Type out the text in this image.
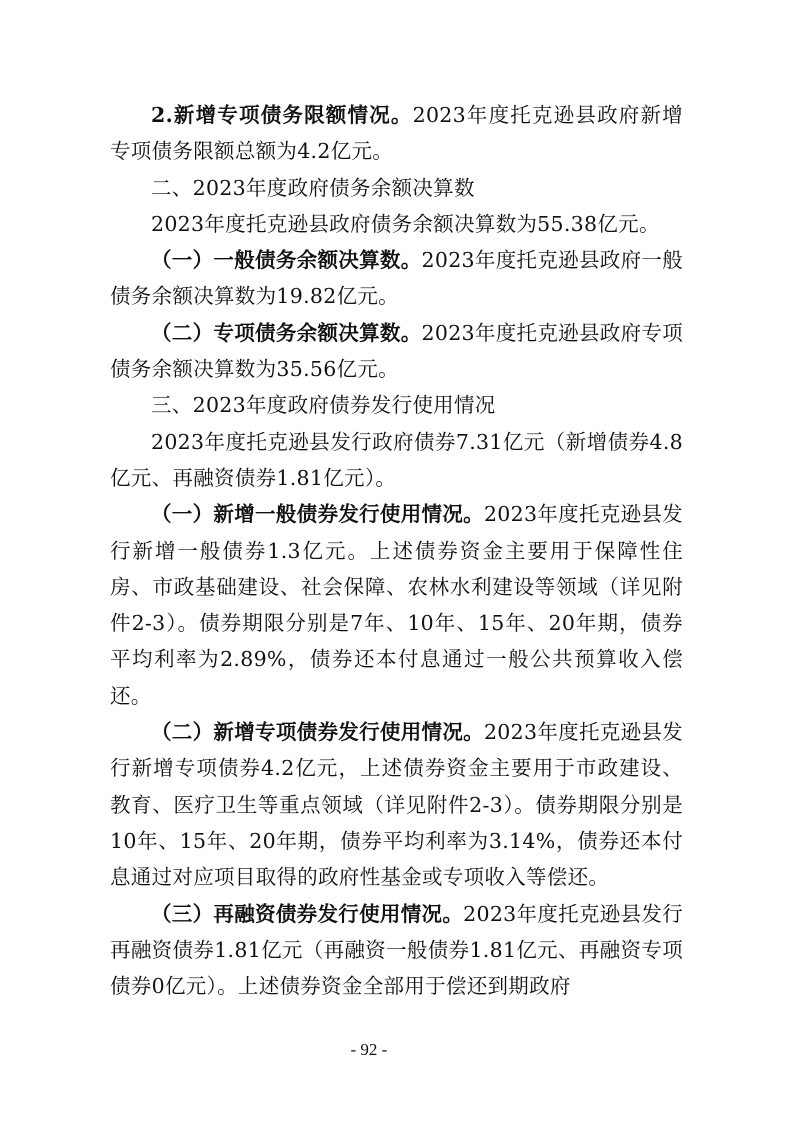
2.新增专项债务限额情况。2023年度托克逊县政府新增专项债务限额总额为4.2亿元。

二、2023年度政府债务余额决算数

2023年度托克逊县政府债务余额决算数为55.38亿元。

（一）一般债务余额决算数。2023年度托克逊县政府一般债务余额决算数为19.82亿元。

（二）专项债务余额决算数。2023年度托克逊县政府专项债务余额决算数为35.56亿元。

三、2023年度政府债券发行使用情况

2023年度托克逊县发行政府债券7.31亿元（新增债券4.8亿元、再融资债券1.81亿元）。

（一）新增一般债券发行使用情况。2023年度托克逊县发行新增一般债券1.3亿元。上述债券资金主要用于保障性住房、市政基础建设、社会保障、农林水利建设等领域（详见附件2-3）。债券期限分别是7年、10年、15年、20年期，债券平均利率为2.89%，债券还本付息通过一般公共预算收入偿还。

（二）新增专项债券发行使用情况。2023年度托克逊县发行新增专项债券4.2亿元，上述债券资金主要用于市政建设、教育、医疗卫生等重点领域（详见附件2-3）。债券期限分别是10年、15年、20年期，债券平均利率为3.14%，债券还本付息通过对应项目取得的政府性基金或专项收入等偿还。

（三）再融资债券发行使用情况。2023年度托克逊县发行再融资债券1.81亿元（再融资一般债券1.81亿元、再融资专项债券0亿元）。上述债券资金全部用于偿还到期政府

- 92 -
